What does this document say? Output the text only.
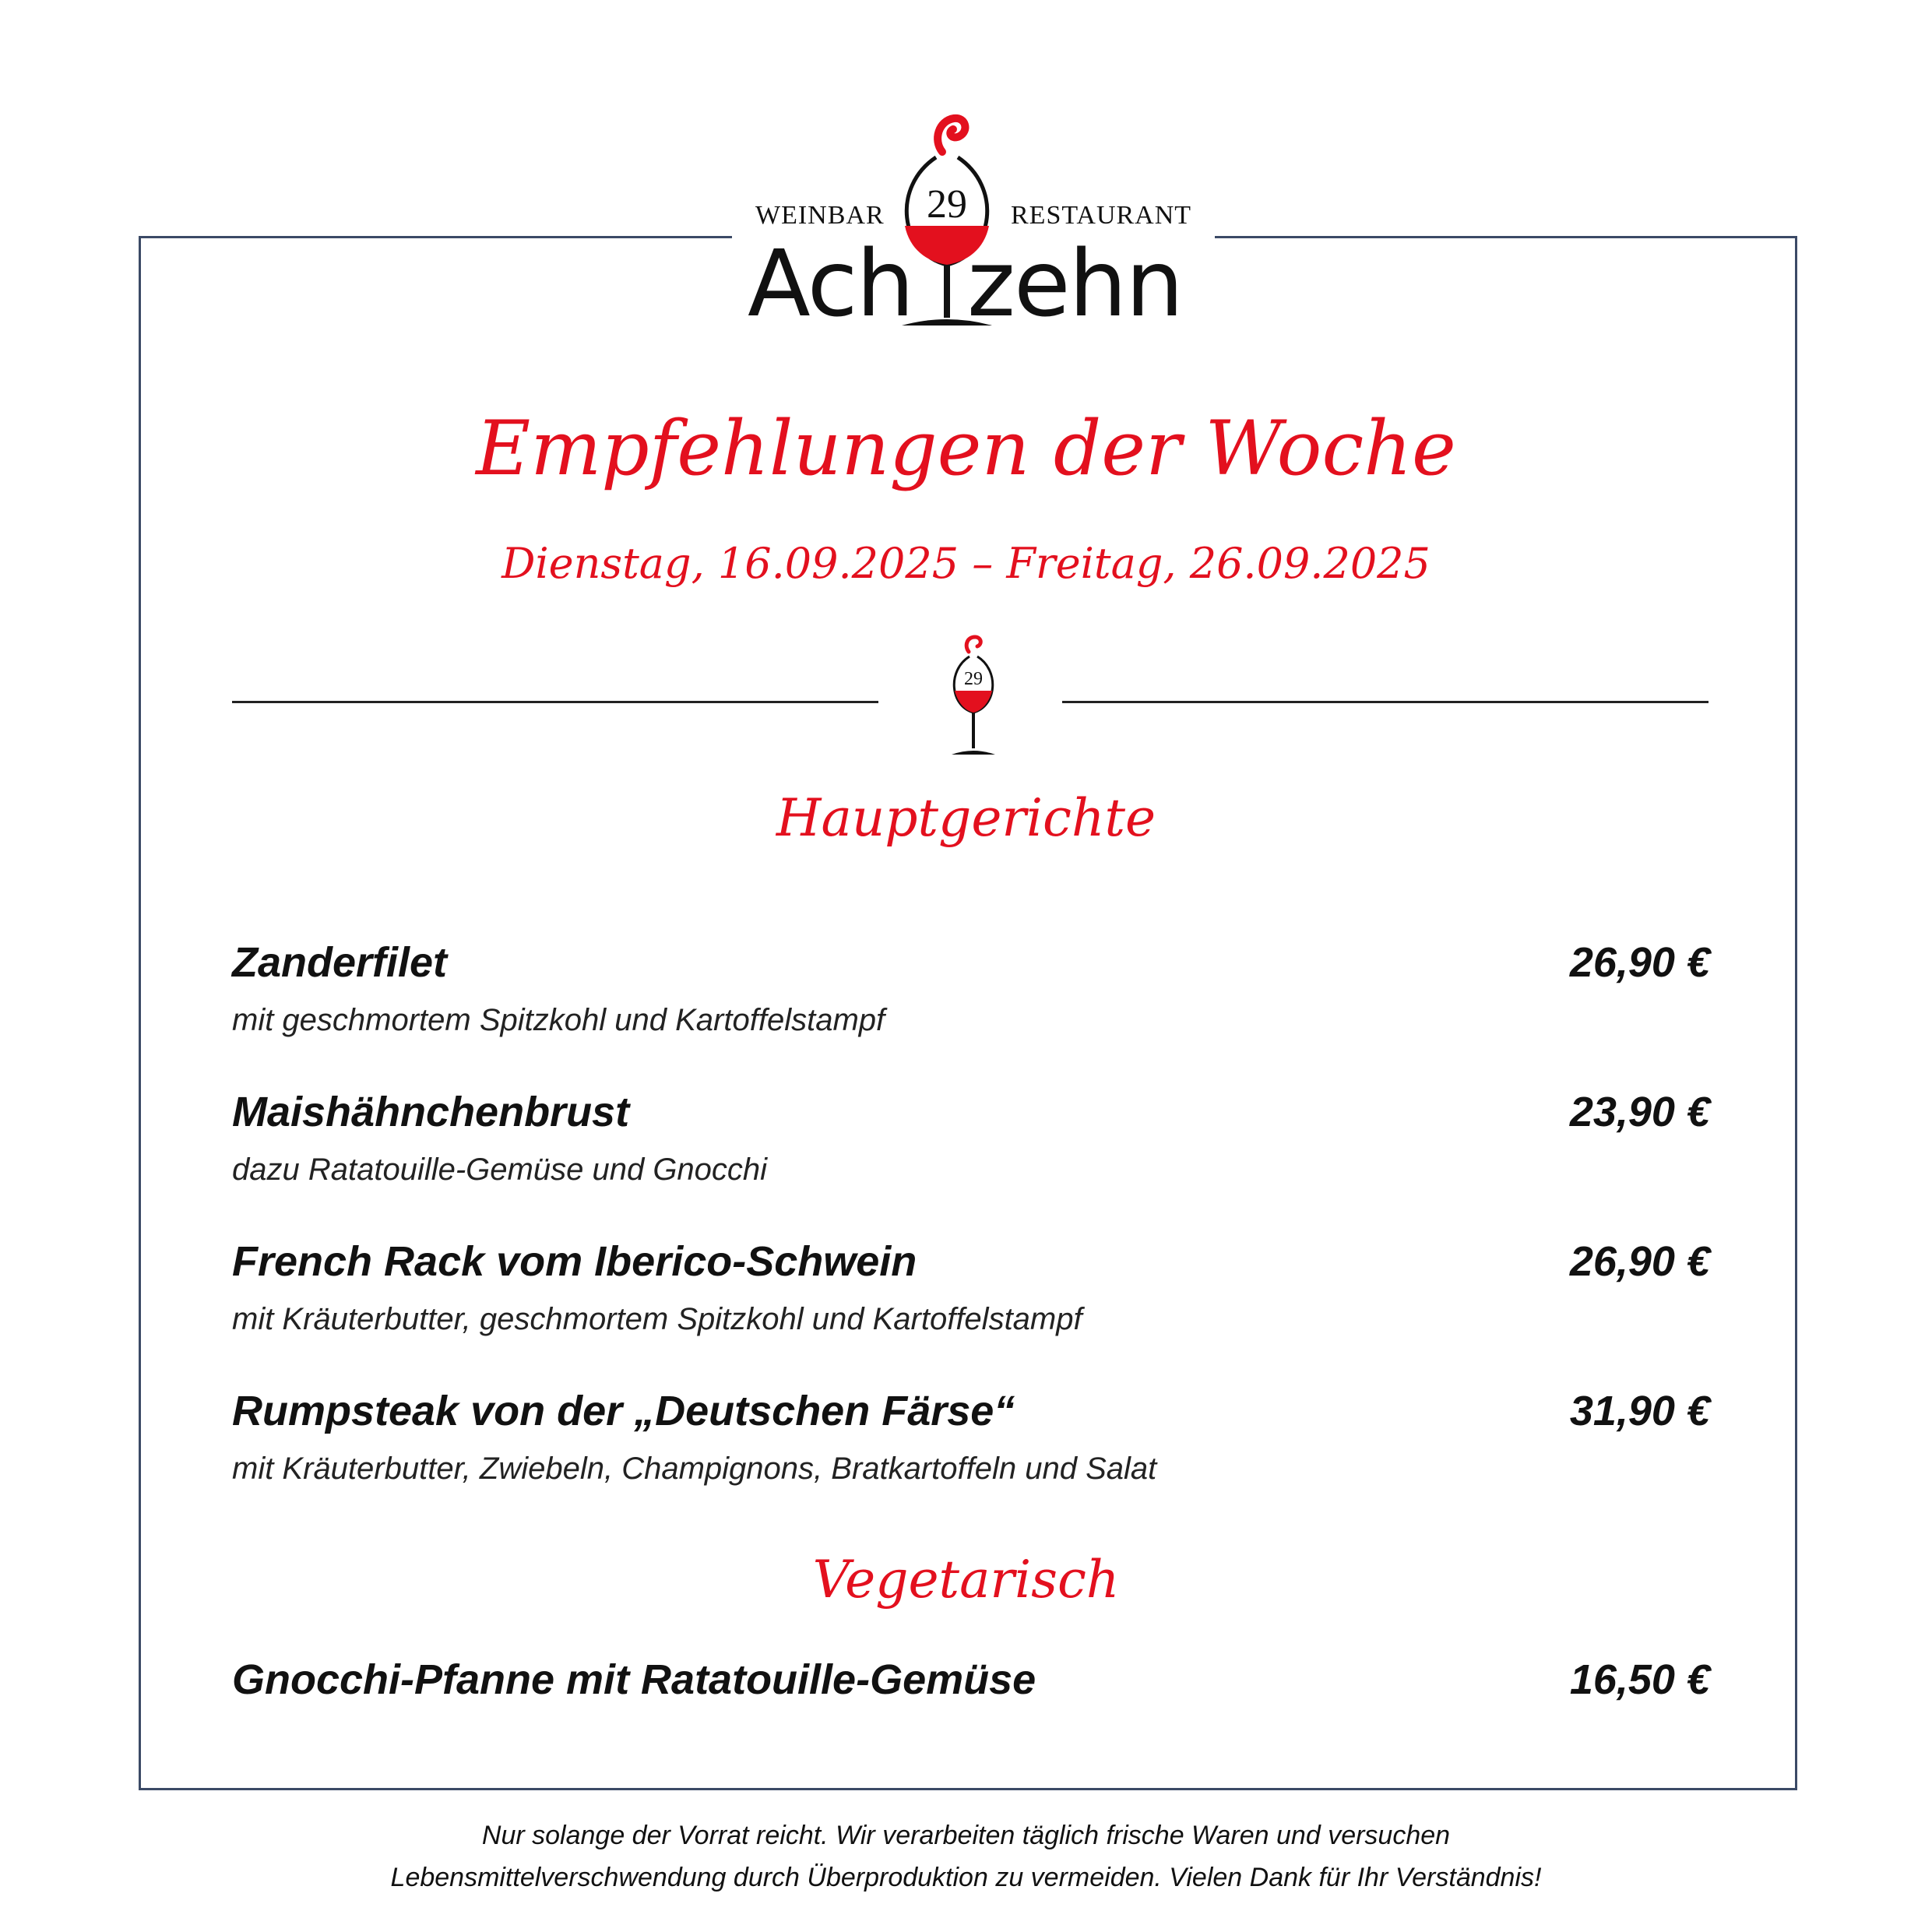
WEINBAR 29	RESTAURANT
Ach zehn
Empfehlungen der Woche
Dienstag, 16.09.2025 – Freitag, 26.09.2025
29
Hauptgerichte
Zanderfilet	26,90 €
mit geschmortem Spitzkohl und Kartoffelstampf
Maishähnchenbrust	23,90 €
dazu Ratatouille-Gemüse und Gnocchi
French Rack vom Iberico-Schwein	26,90 €
mit Kräuterbutter, geschmortem Spitzkohl und Kartoffelstampf
Rumpsteak von der „Deutschen Färse“	31,90 €
mit Kräuterbutter, Zwiebeln, Champignons, Bratkartoffeln und Salat
Vegetarisch
Gnocchi-Pfanne mit Ratatouille-Gemüse	16,50 €
Nur solange der Vorrat reicht. Wir verarbeiten täglich frische Waren und versuchen
Lebensmittelverschwendung durch Überproduktion zu vermeiden. Vielen Dank für Ihr Verständnis!
